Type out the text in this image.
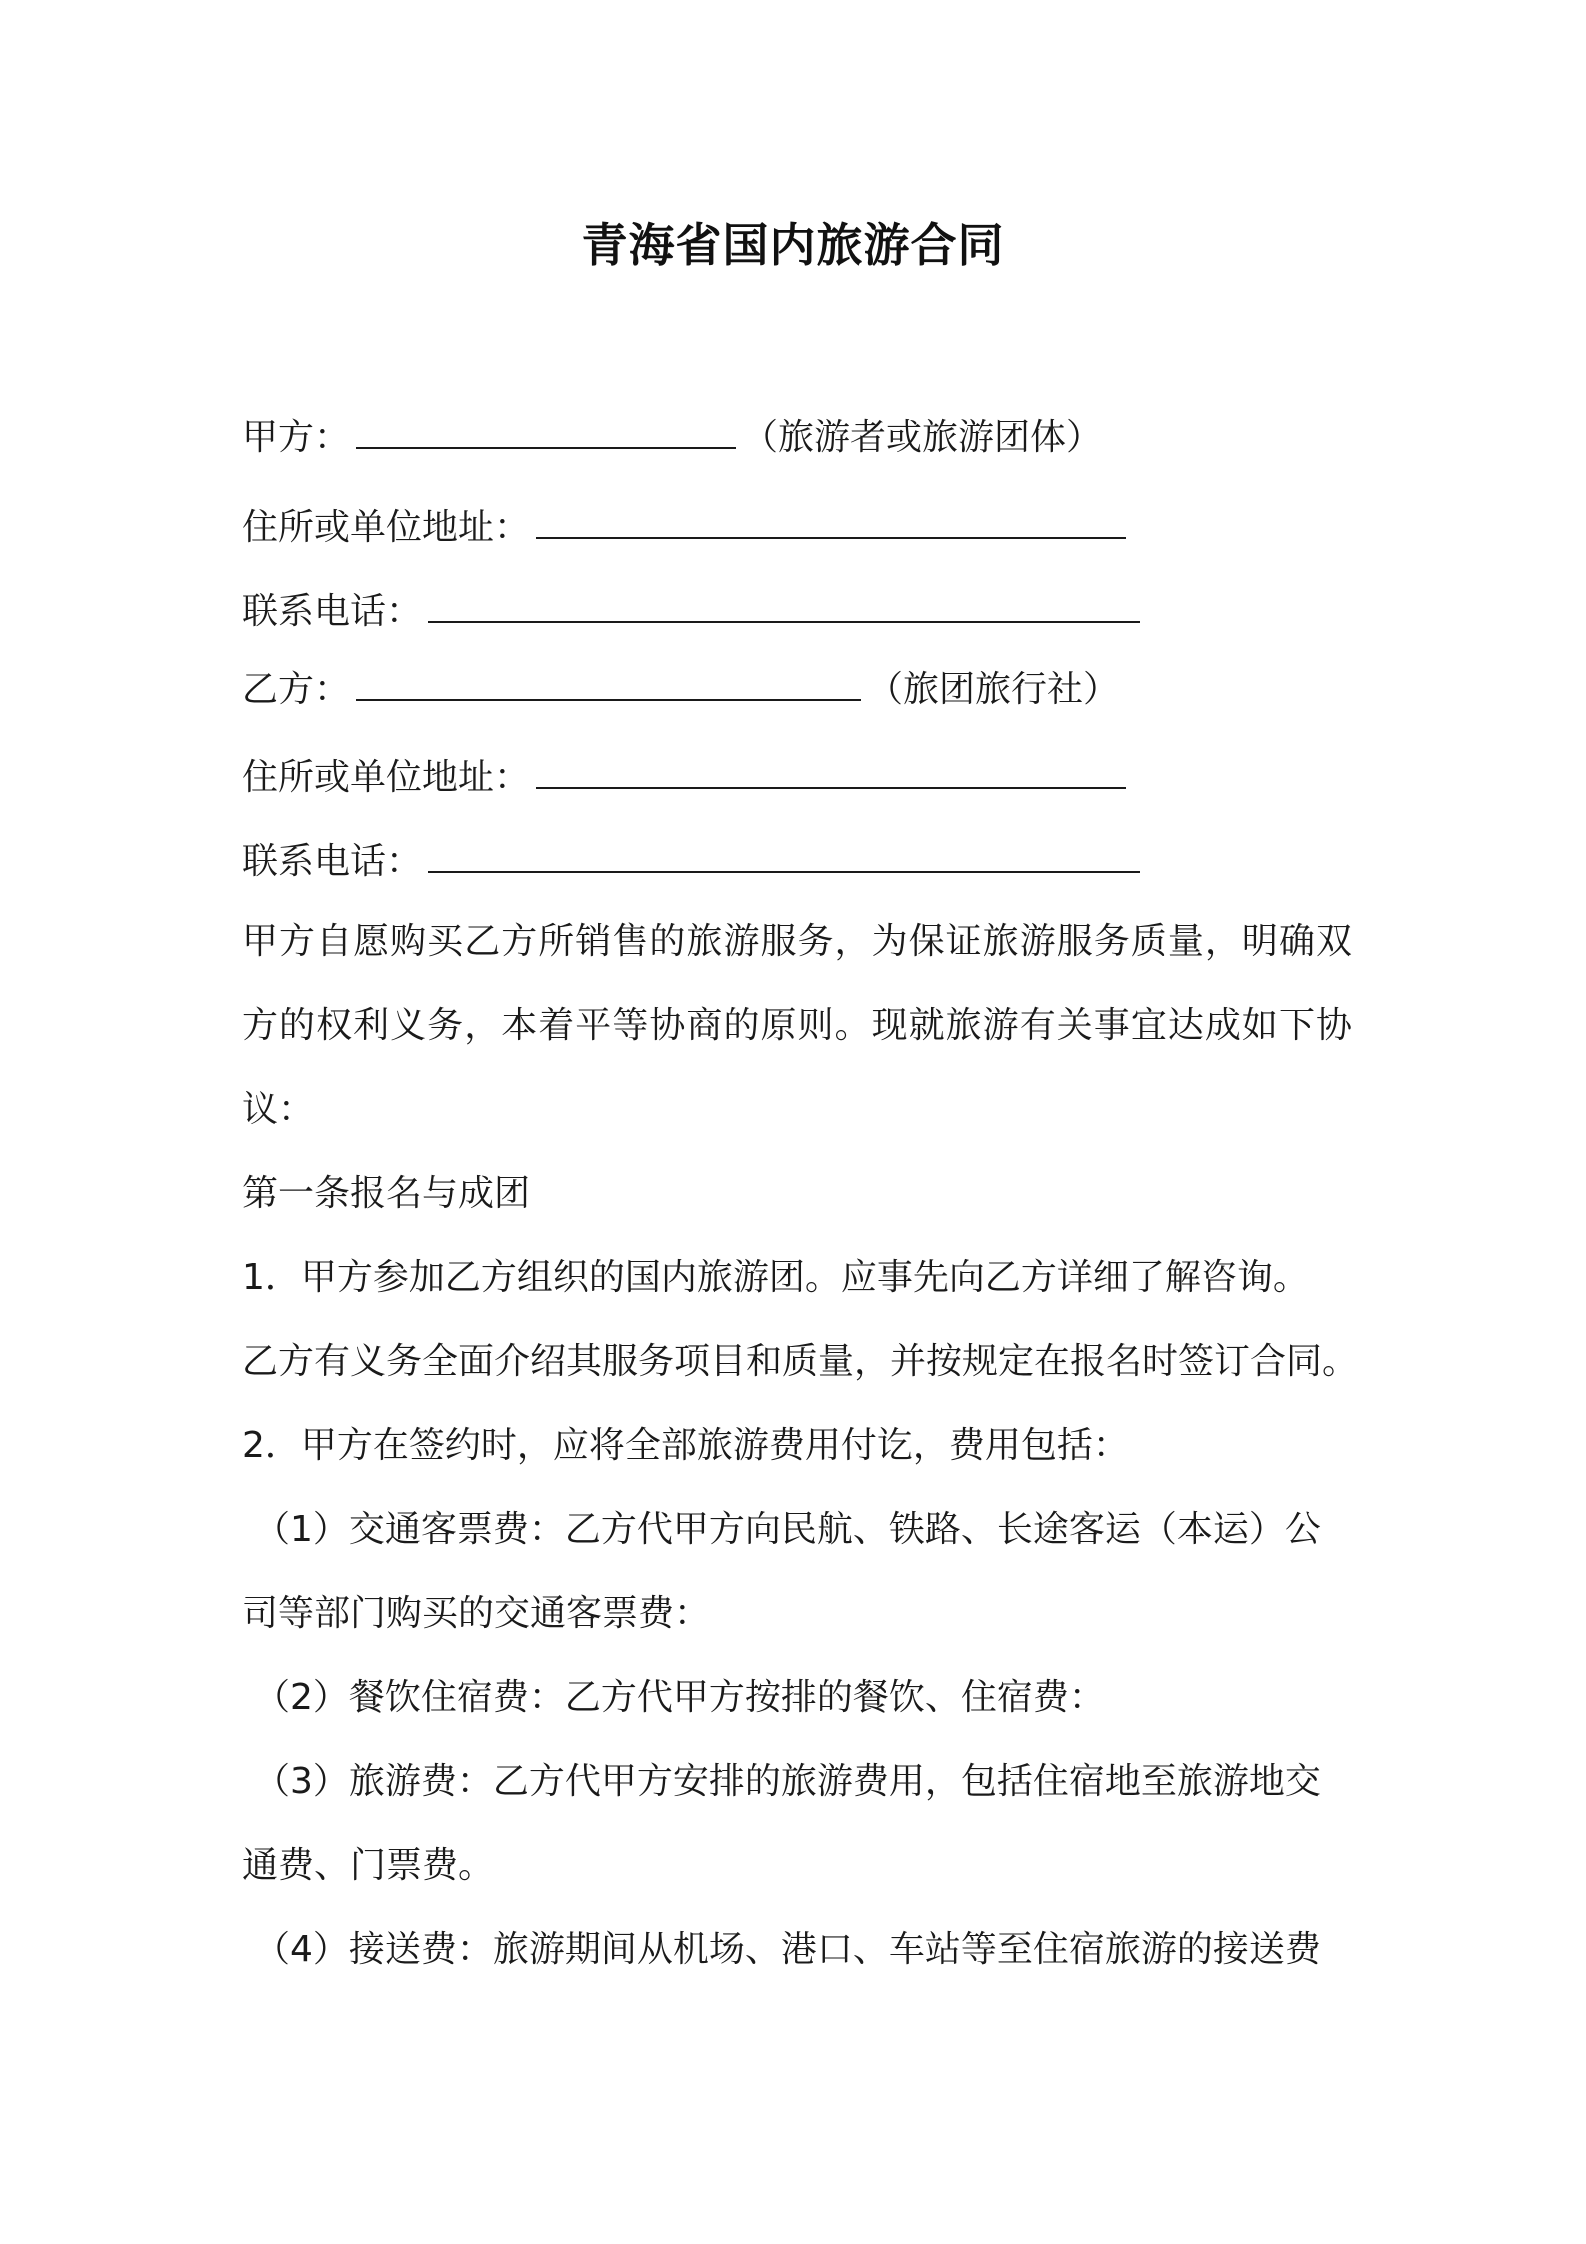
青海省国内旅游合同
甲方：	（旅游者或旅游团体）
住所或单位地址：
联系电话：
乙方：	（旅团旅行社）
住所或单位地址：
联系电话：
甲方自愿购买乙方所销售的旅游服务，为保证旅游服务质量，明确双方的权利义务，本着平等协商的原则。现就旅游有关事宜达成如下协议：
第一条报名与成团
1．甲方参加乙方组织的国内旅游团。应事先向乙方详细了解咨询。
乙方有义务全面介绍其服务项目和质量，并按规定在报名时签订合同。
2．甲方在签约时，应将全部旅游费用付讫，费用包括：
（1）交通客票费：乙方代甲方向民航、铁路、长途客运（本运）公
司等部门购买的交通客票费：
（2）餐饮住宿费：乙方代甲方按排的餐饮、住宿费：
（3）旅游费：乙方代甲方安排的旅游费用，包括住宿地至旅游地交
通费、门票费。
（4）接送费：旅游期间从机场、港口、车站等至住宿旅游的接送费
